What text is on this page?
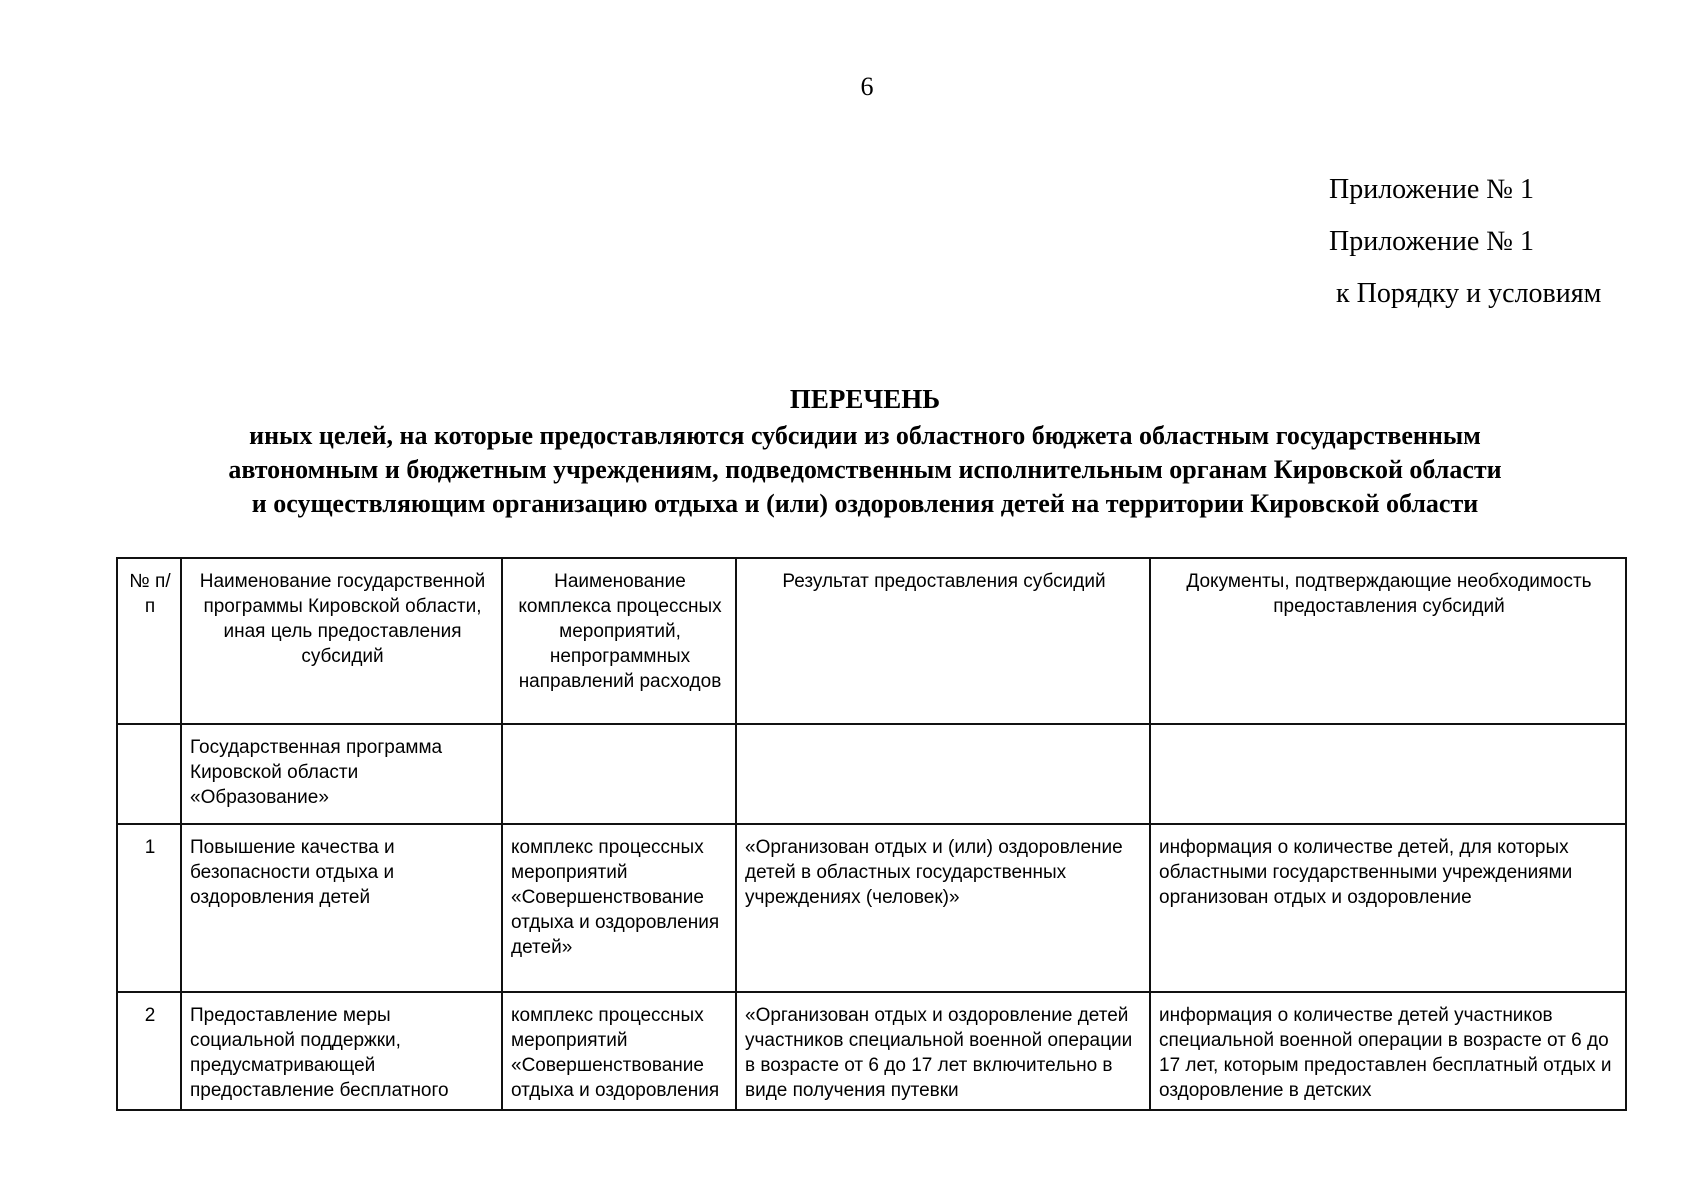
6
Приложение № 1
Приложение № 1
к Порядку и условиям
ПЕРЕЧЕНЬ
иных целей, на которые предоставляются субсидии из областного бюджета областным государственным
автономным и бюджетным учреждениям, подведомственным исполнительным органам Кировской области
и осуществляющим организацию отдыха и (или) оздоровления детей на территории Кировской области
№ п/п	Наименование государственной программы Кировской области, иная цель предоставления субсидий	Наименование комплекса процессных мероприятий, непрограммных направлений расходов	Результат предоставления субсидий	Документы, подтверждающие необходимость предоставления субсидий
	Государственная программа Кировской области «Образование»			
1	Повышение качества и безопасности отдыха и оздоровления детей	комплекс процессных мероприятий «Совершенствование отдыха и оздоровления детей»	«Организован отдых и (или) оздоровление детей в областных государственных учреждениях (человек)»	информация о количестве детей, для которых областными государственными учреждениями организован отдых и оздоровление
2	Предоставление меры социальной поддержки, предусматривающей предоставление бесплатного	комплекс процессных мероприятий «Совершенствование отдыха и оздоровления	«Организован отдых и оздоровление детей участников специальной военной операции в возрасте от 6 до 17 лет включительно в виде получения путевки	информация о количестве детей участников специальной военной операции в возрасте от 6 до 17 лет, которым предоставлен бесплатный отдых и оздоровление в детских
